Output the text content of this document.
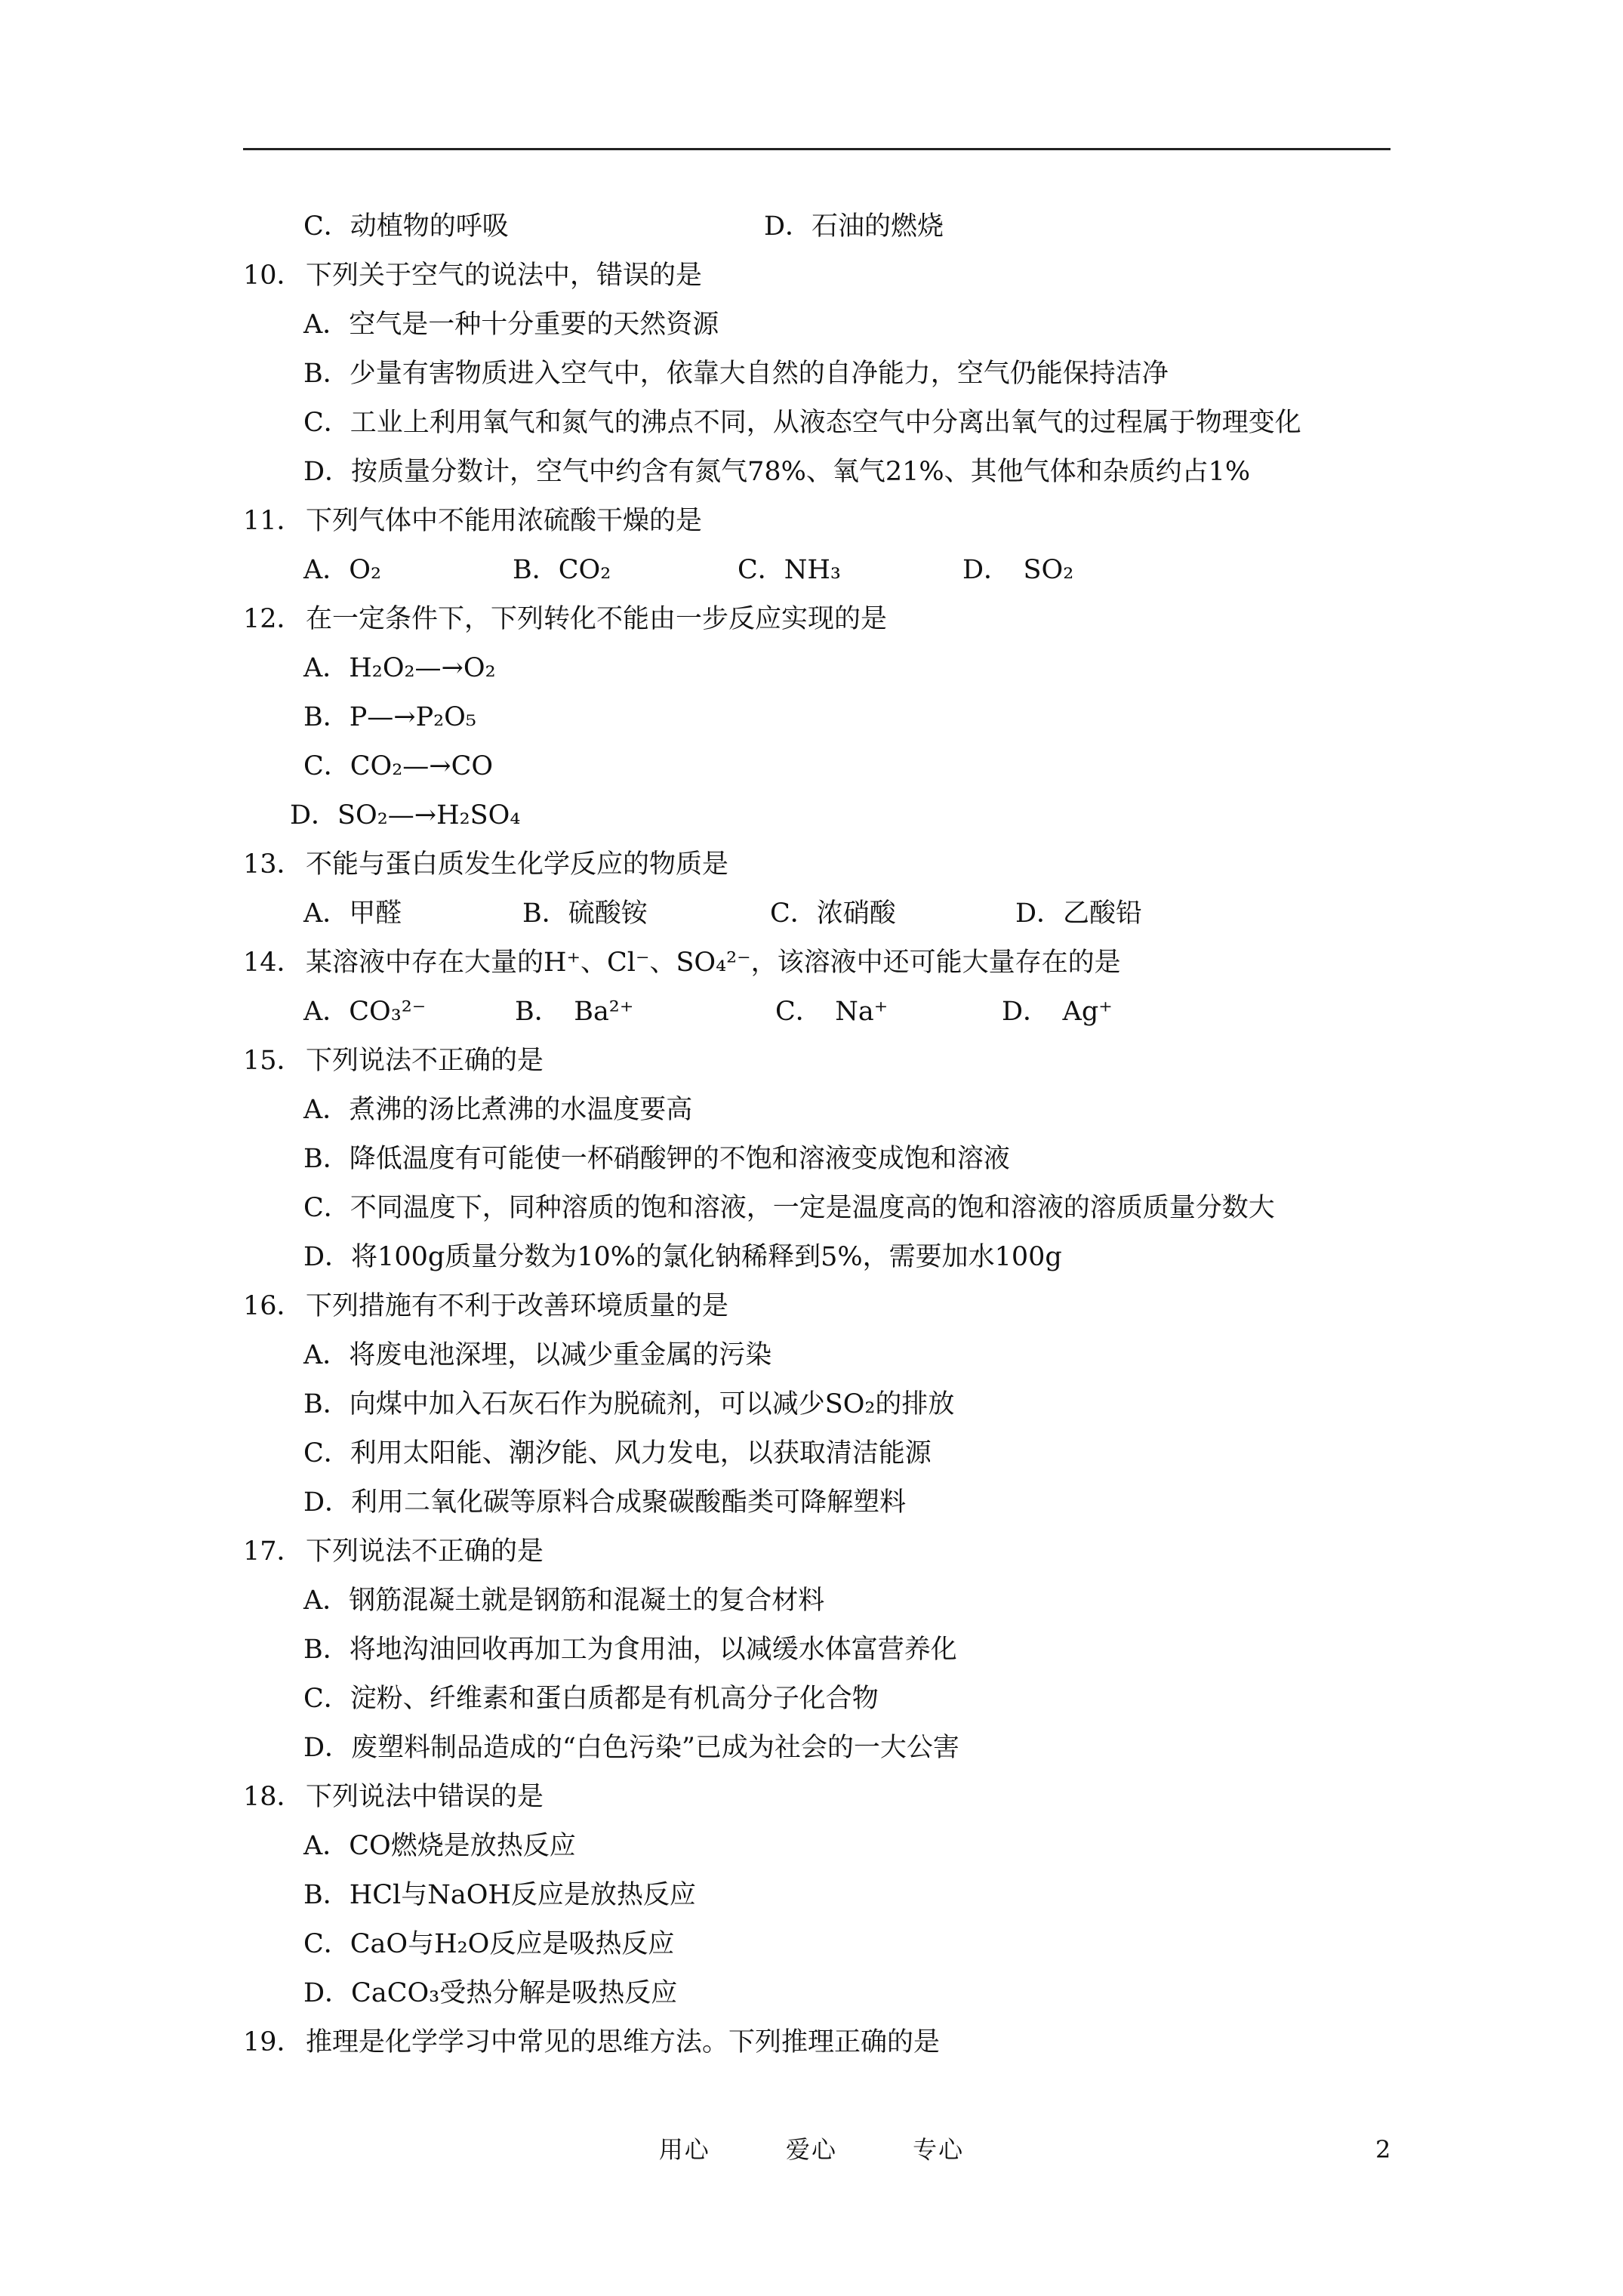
C．动植物的呼吸	D．石油的燃烧
10．下列关于空气的说法中，错误的是
A．空气是一种十分重要的天然资源
B．少量有害物质进入空气中，依靠大自然的自净能力，空气仍能保持洁净
C．工业上利用氧气和氮气的沸点不同，从液态空气中分离出氧气的过程属于物理变化
D．按质量分数计，空气中约含有氮气78%、氧气21%、其他气体和杂质约占1%
11．下列气体中不能用浓硫酸干燥的是
A．O₂	B．CO₂	C．NH₃	D．　SO₂
12．在一定条件下，下列转化不能由一步反应实现的是
A．H₂O₂—→O₂
B．P—→P₂O₅
C．CO₂—→CO
D．SO₂—→H₂SO₄
13．不能与蛋白质发生化学反应的物质是
A．甲醛	B．硫酸铵	C．浓硝酸	D．乙酸铅
14．某溶液中存在大量的H⁺、Cl⁻、SO₄²⁻，该溶液中还可能大量存在的是
A．CO₃²⁻	B．　Ba²⁺	C．　Na⁺	D．　Ag⁺
15．下列说法不正确的是
A．煮沸的汤比煮沸的水温度要高
B．降低温度有可能使一杯硝酸钾的不饱和溶液变成饱和溶液
C．不同温度下，同种溶质的饱和溶液，一定是温度高的饱和溶液的溶质质量分数大
D．将100g质量分数为10%的氯化钠稀释到5%，需要加水100g
16．下列措施有不利于改善环境质量的是
A．将废电池深埋，以减少重金属的污染
B．向煤中加入石灰石作为脱硫剂，可以减少SO₂的排放
C．利用太阳能、潮汐能、风力发电，以获取清洁能源
D．利用二氧化碳等原料合成聚碳酸酯类可降解塑料
17．下列说法不正确的是
A．钢筋混凝土就是钢筋和混凝土的复合材料
B．将地沟油回收再加工为食用油，以减缓水体富营养化
C．淀粉、纤维素和蛋白质都是有机高分子化合物
D．废塑料制品造成的“白色污染”已成为社会的一大公害
18．下列说法中错误的是
A．CO燃烧是放热反应
B．HCl与NaOH反应是放热反应
C．CaO与H₂O反应是吸热反应
D．CaCO₃受热分解是吸热反应
19．推理是化学学习中常见的思维方法。下列推理正确的是
用心	爱心	专心	2
